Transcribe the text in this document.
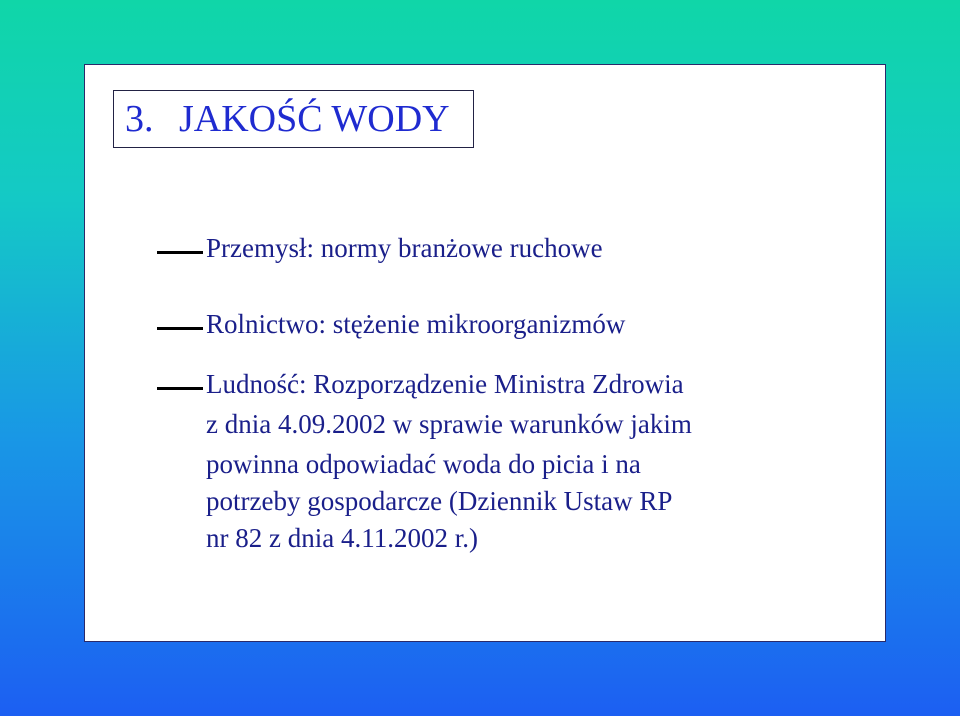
3. JAKOŚĆ WODY
Przemysł: normy branżowe ruchowe
Rolnictwo: stężenie mikroorganizmów
Ludność: Rozporządzenie Ministra Zdrowia
z dnia 4.09.2002 w sprawie warunków jakim
powinna odpowiadać woda do picia i na
potrzeby gospodarcze (Dziennik Ustaw RP
nr 82 z dnia 4.11.2002 r.)
